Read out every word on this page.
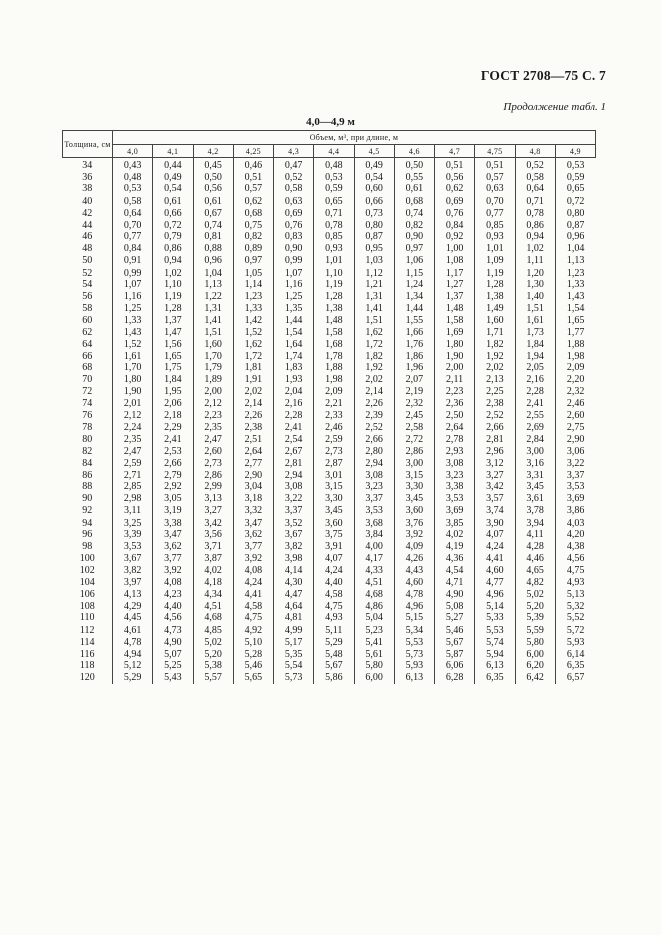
ГОСТ 2708—75 С. 7
Продолжение табл. 1
4,0—4,9 м
Толщина, см	Объем, м³, при длине, м											
	4,0	4,1	4,2	4,25	4,3	4,4	4,5	4,6	4,7	4,75	4,8	4,9
34	0,43	0,44	0,45	0,46	0,47	0,48	0,49	0,50	0,51	0,51	0,52	0,53
36	0,48	0,49	0,50	0,51	0,52	0,53	0,54	0,55	0,56	0,57	0,58	0,59
38	0,53	0,54	0,56	0,57	0,58	0,59	0,60	0,61	0,62	0,63	0,64	0,65
40	0,58	0,61	0,61	0,62	0,63	0,65	0,66	0,68	0,69	0,70	0,71	0,72
42	0,64	0,66	0,67	0,68	0,69	0,71	0,73	0,74	0,76	0,77	0,78	0,80
44	0,70	0,72	0,74	0,75	0,76	0,78	0,80	0,82	0,84	0,85	0,86	0,87
46	0,77	0,79	0,81	0,82	0,83	0,85	0,87	0,90	0,92	0,93	0,94	0,96
48	0,84	0,86	0,88	0,89	0,90	0,93	0,95	0,97	1,00	1,01	1,02	1,04
50	0,91	0,94	0,96	0,97	0,99	1,01	1,03	1,06	1,08	1,09	1,11	1,13
52	0,99	1,02	1,04	1,05	1,07	1,10	1,12	1,15	1,17	1,19	1,20	1,23
54	1,07	1,10	1,13	1,14	1,16	1,19	1,21	1,24	1,27	1,28	1,30	1,33
56	1,16	1,19	1,22	1,23	1,25	1,28	1,31	1,34	1,37	1,38	1,40	1,43
58	1,25	1,28	1,31	1,33	1,35	1,38	1,41	1,44	1,48	1,49	1,51	1,54
60	1,33	1,37	1,41	1,42	1,44	1,48	1,51	1,55	1,58	1,60	1,61	1,65
62	1,43	1,47	1,51	1,52	1,54	1,58	1,62	1,66	1,69	1,71	1,73	1,77
64	1,52	1,56	1,60	1,62	1,64	1,68	1,72	1,76	1,80	1,82	1,84	1,88
66	1,61	1,65	1,70	1,72	1,74	1,78	1,82	1,86	1,90	1,92	1,94	1,98
68	1,70	1,75	1,79	1,81	1,83	1,88	1,92	1,96	2,00	2,02	2,05	2,09
70	1,80	1,84	1,89	1,91	1,93	1,98	2,02	2,07	2,11	2,13	2,16	2,20
72	1,90	1,95	2,00	2,02	2,04	2,09	2,14	2,19	2,23	2,25	2,28	2,32
74	2,01	2,06	2,12	2,14	2,16	2,21	2,26	2,32	2,36	2,38	2,41	2,46
76	2,12	2,18	2,23	2,26	2,28	2,33	2,39	2,45	2,50	2,52	2,55	2,60
78	2,24	2,29	2,35	2,38	2,41	2,46	2,52	2,58	2,64	2,66	2,69	2,75
80	2,35	2,41	2,47	2,51	2,54	2,59	2,66	2,72	2,78	2,81	2,84	2,90
82	2,47	2,53	2,60	2,64	2,67	2,73	2,80	2,86	2,93	2,96	3,00	3,06
84	2,59	2,66	2,73	2,77	2,81	2,87	2,94	3,00	3,08	3,12	3,16	3,22
86	2,71	2,79	2,86	2,90	2,94	3,01	3,08	3,15	3,23	3,27	3,31	3,37
88	2,85	2,92	2,99	3,04	3,08	3,15	3,23	3,30	3,38	3,42	3,45	3,53
90	2,98	3,05	3,13	3,18	3,22	3,30	3,37	3,45	3,53	3,57	3,61	3,69
92	3,11	3,19	3,27	3,32	3,37	3,45	3,53	3,60	3,69	3,74	3,78	3,86
94	3,25	3,38	3,42	3,47	3,52	3,60	3,68	3,76	3,85	3,90	3,94	4,03
96	3,39	3,47	3,56	3,62	3,67	3,75	3,84	3,92	4,02	4,07	4,11	4,20
98	3,53	3,62	3,71	3,77	3,82	3,91	4,00	4,09	4,19	4,24	4,28	4,38
100	3,67	3,77	3,87	3,92	3,98	4,07	4,17	4,26	4,36	4,41	4,46	4,56
102	3,82	3,92	4,02	4,08	4,14	4,24	4,33	4,43	4,54	4,60	4,65	4,75
104	3,97	4,08	4,18	4,24	4,30	4,40	4,51	4,60	4,71	4,77	4,82	4,93
106	4,13	4,23	4,34	4,41	4,47	4,58	4,68	4,78	4,90	4,96	5,02	5,13
108	4,29	4,40	4,51	4,58	4,64	4,75	4,86	4,96	5,08	5,14	5,20	5,32
110	4,45	4,56	4,68	4,75	4,81	4,93	5,04	5,15	5,27	5,33	5,39	5,52
112	4,61	4,73	4,85	4,92	4,99	5,11	5,23	5,34	5,46	5,53	5,59	5,72
114	4,78	4,90	5,02	5,10	5,17	5,29	5,41	5,53	5,67	5,74	5,80	5,93
116	4,94	5,07	5,20	5,28	5,35	5,48	5,61	5,73	5,87	5,94	6,00	6,14
118	5,12	5,25	5,38	5,46	5,54	5,67	5,80	5,93	6,06	6,13	6,20	6,35
120	5,29	5,43	5,57	5,65	5,73	5,86	6,00	6,13	6,28	6,35	6,42	6,57
